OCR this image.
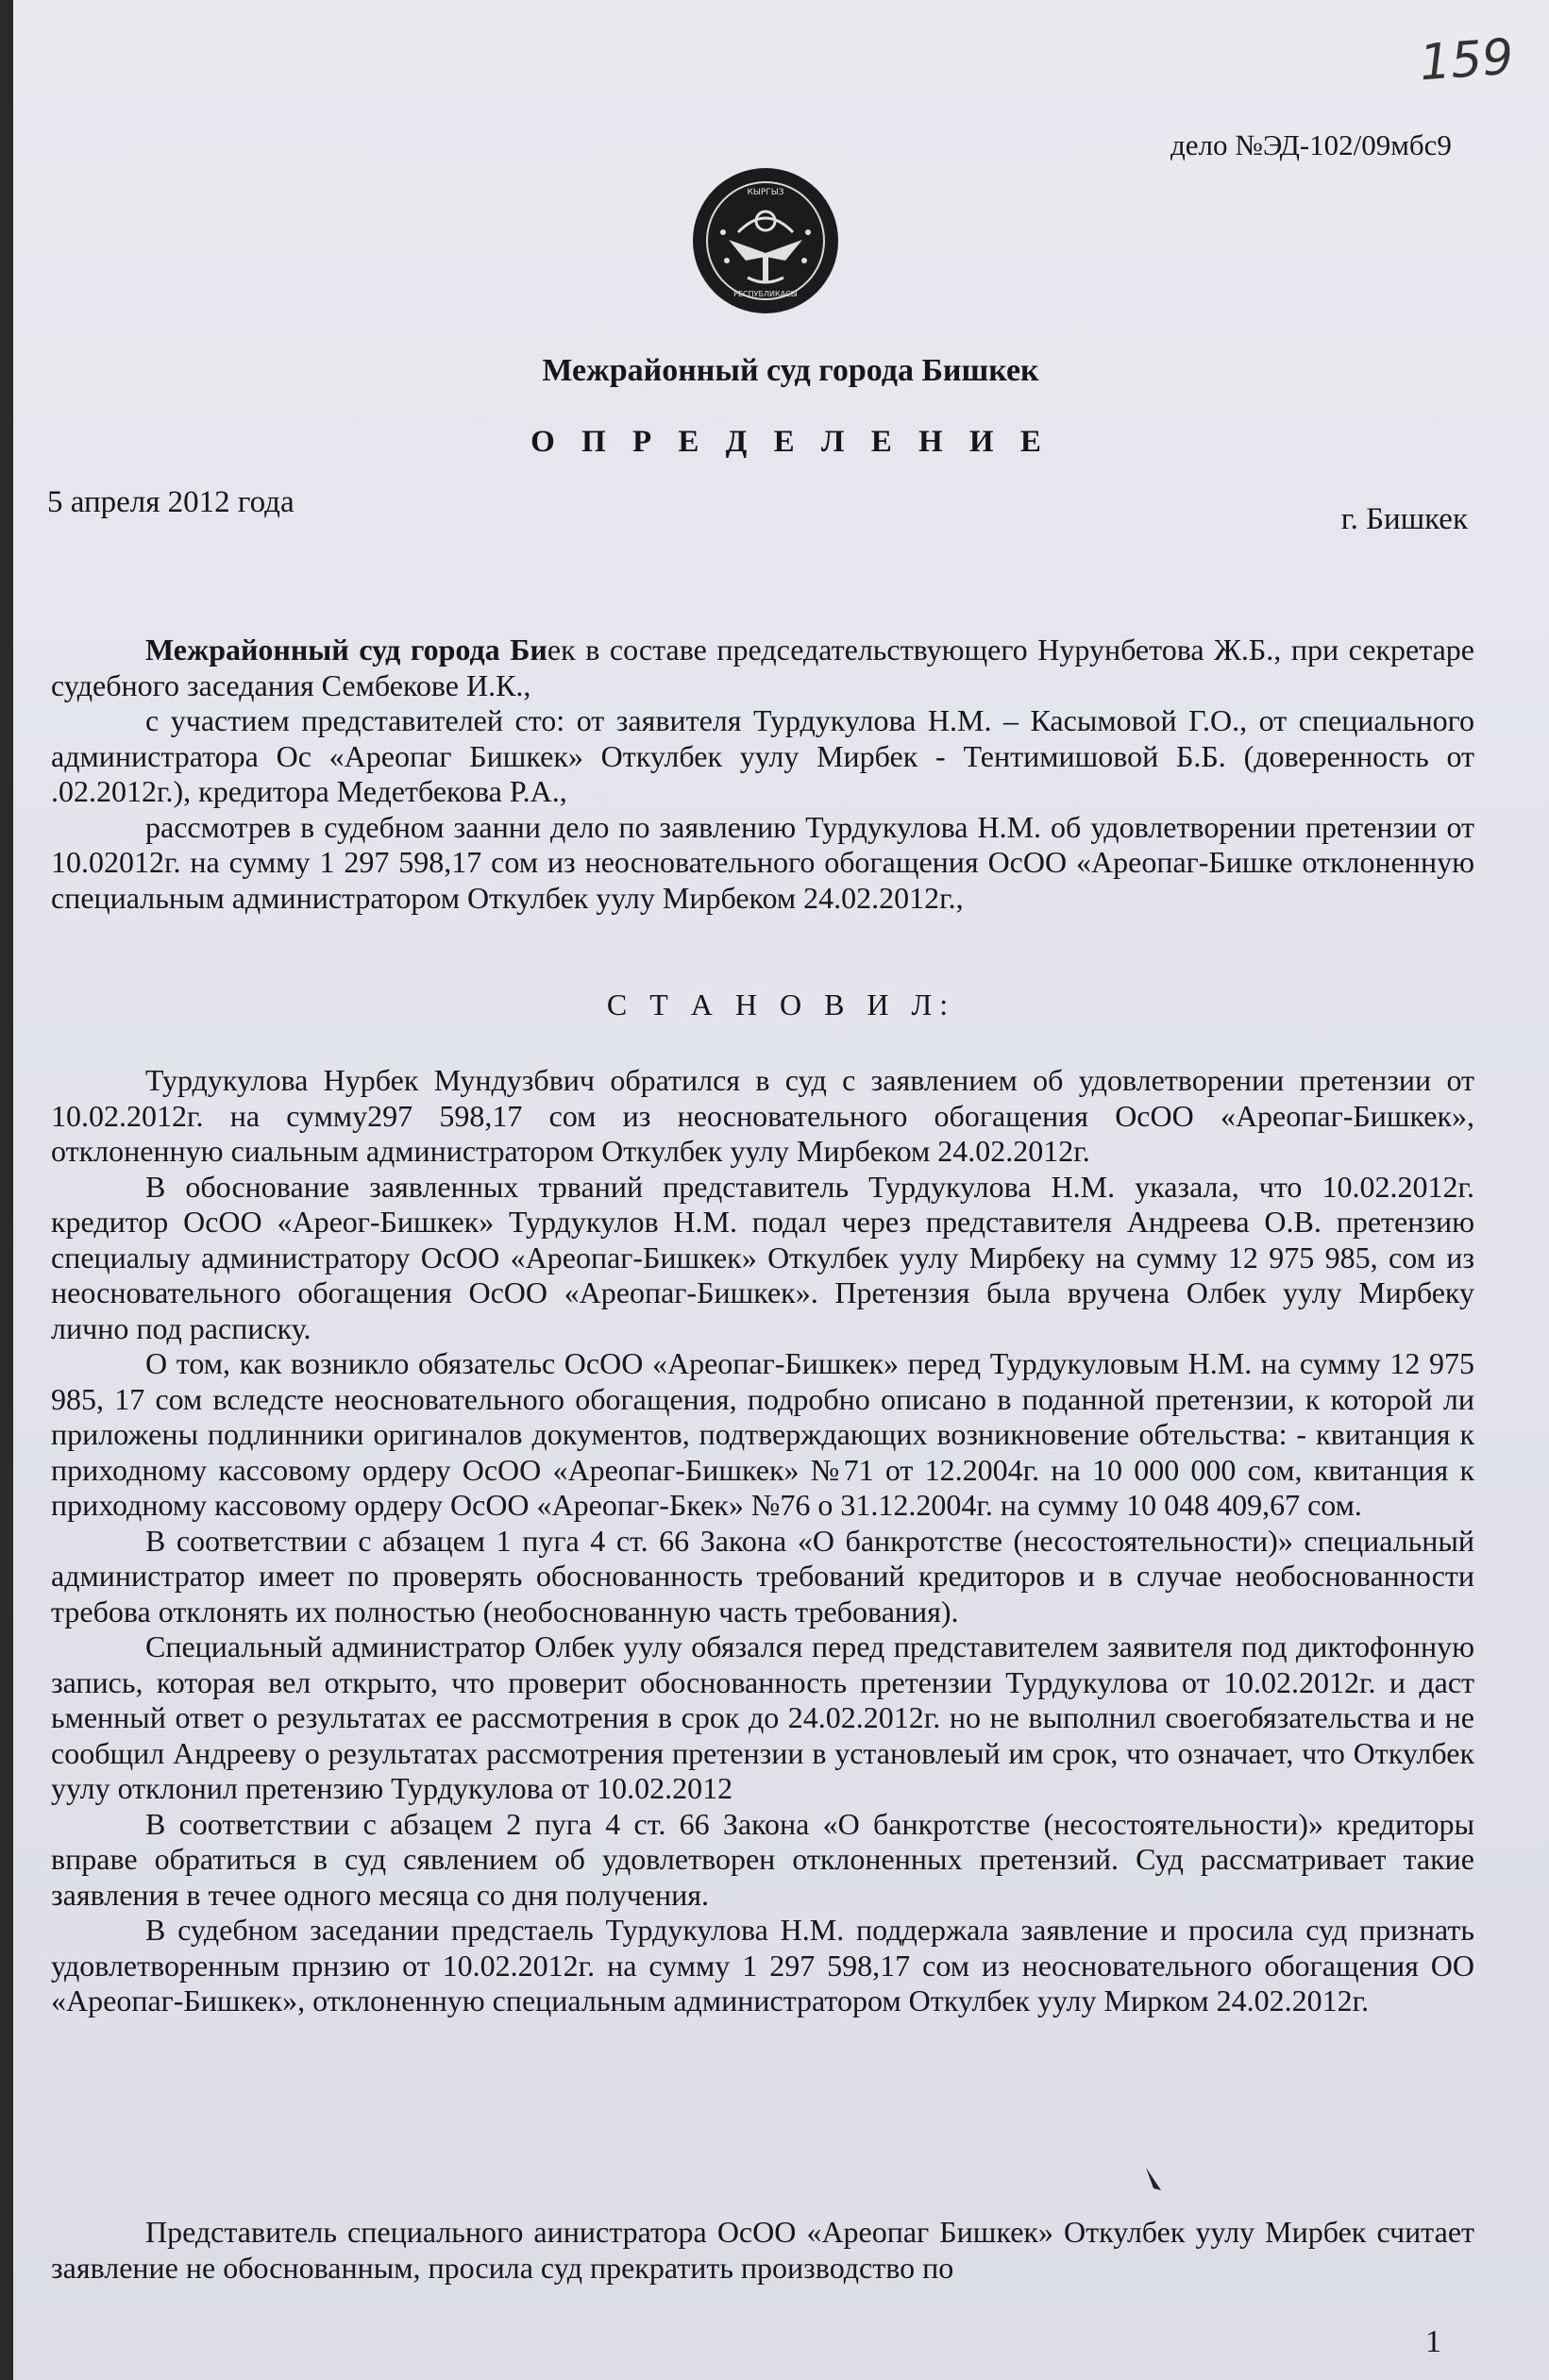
159
дело №ЭД-102/09мбс9
КЫРГЫЗ
РЕСПУБЛИКАСЫ
Межрайонный суд города Бишкек
О П Р Е Д Е Л Е Н И Е
5 апреля 2012 года	г. Бишкек

Межрайонный суд города Биек в составе председательствующего Нурунбетова Ж.Б., при секретаре судебного заседания Сембекове И.К.,

с участием представителей сто: от заявителя Турдукулова Н.М. – Касымовой Г.О., от специального администратора Ос «Ареопаг Бишкек» Откулбек уулу Мирбек - Тентимишовой Б.Б. (доверенность от .02.2012г.), кредитора Медетбекова Р.А.,

рассмотрев в судебном заанни дело по заявлению Турдукулова Н.М. об удовлетворении претензии от 10.02012г. на сумму 1 297 598,17 сом из неосновательного обогащения ОсОО «Ареопаг-Бишке отклоненную специальным администратором Откулбек уулу Мирбеком 24.02.2012г.,

С Т А Н О В И Л:

Турдукулова Нурбек Мундузбвич обратился в суд с заявлением об удовлетворении претензии от 10.02.2012г. на сумму297 598,17 сом из неосновательного обогащения ОсОО «Ареопаг-Бишкек», отклоненную сиальным администратором Откулбек уулу Мирбеком 24.02.2012г.

В обоснование заявленных трваний представитель Турдукулова Н.М. указала, что 10.02.2012г. кредитор ОсОО «Ареог-Бишкек» Турдукулов Н.М. подал через представителя Андреева О.В. претензию специалыу администратору ОсОО «Ареопаг-Бишкек» Откулбек уулу Мирбеку на сумму 12 975 985, сом из неосновательного обогащения ОсОО «Ареопаг-Бишкек». Претензия была вручена Олбек уулу Мирбеку лично под расписку.

О том, как возникло обязательс ОсОО «Ареопаг-Бишкек» перед Турдукуловым Н.М. на сумму 12 975 985, 17 сом вследсте неосновательного обогащения, подробно описано в поданной претензии, к которой ли приложены подлинники оригиналов документов, подтверждающих возникновение обтельства: - квитанция к приходному кассовому ордеру ОсОО «Ареопаг-Бишкек» №71 от 12.2004г. на 10 000 000 сом, квитанция к приходному кассовому ордеру ОсОО «Ареопаг-Бкек» №76 о 31.12.2004г. на сумму 10 048 409,67 сом.

В соответствии с абзацем 1 пуга 4 ст. 66 Закона «О банкротстве (несостоятельности)» специальный администратор имеет по проверять обоснованность требований кредиторов и в случае необоснованности требова отклонять их полностью (необоснованную часть требования).

Специальный администратор Олбек уулу обязался перед представителем заявителя под диктофонную запись, которая вел открыто, что проверит обоснованность претензии Турдукулова от 10.02.2012г. и даст ьменный ответ о результатах ее рассмотрения в срок до 24.02.2012г. но не выполнил своегобязательства и не сообщил Андрееву о результатах рассмотрения претензии в установлеый им срок, что означает, что Откулбек уулу отклонил претензию Турдукулова от 10.02.2012

В соответствии с абзацем 2 пуга 4 ст. 66 Закона «О банкротстве (несостоятельности)» кредиторы вправе обратиться в суд сявлением об удовлетворен отклоненных претензий. Суд рассматривает такие заявления в течее одного месяца со дня получения.

В судебном заседании предстаель Турдукулова Н.М. поддержала заявление и просила суд признать удовлетворенным прнзию от 10.02.2012г. на сумму 1 297 598,17 сом из неосновательного обогащения ОО «Ареопаг-Бишкек», отклоненную специальным администратором Откулбек уулу Мирком 24.02.2012г.

Представитель специального аинистратора ОсОО «Ареопаг Бишкек» Откулбек уулу Мирбек считает заявление не обоснованным, просила суд прекратить производство по

1
